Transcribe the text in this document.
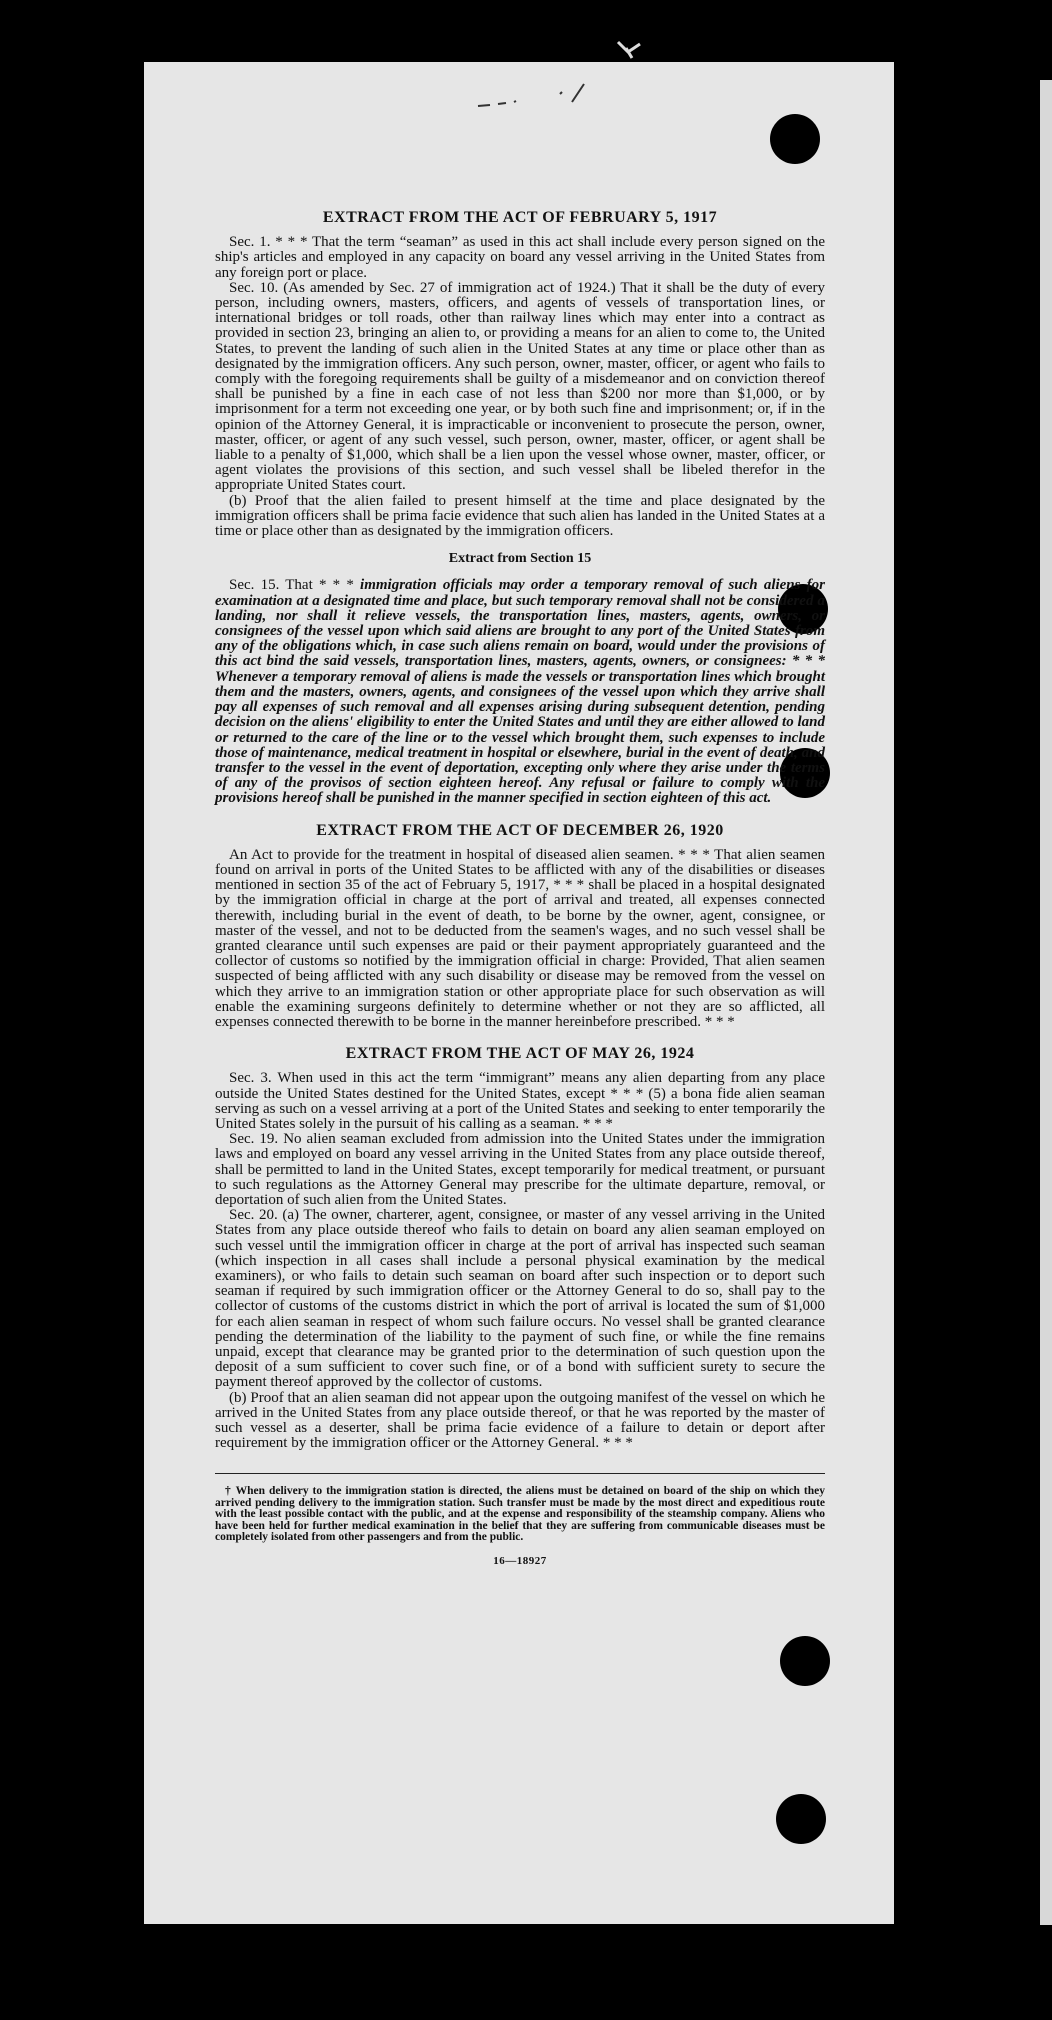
EXTRACT FROM THE ACT OF FEBRUARY 5, 1917

Sec. 1. * * * That the term “seaman” as used in this act shall include every person signed on the ship's articles and employed in any capacity on board any vessel arriving in the United States from any foreign port or place.

Sec. 10. (As amended by Sec. 27 of immigration act of 1924.) That it shall be the duty of every person, including owners, masters, officers, and agents of vessels of transportation lines, or international bridges or toll roads, other than railway lines which may enter into a contract as provided in section 23, bringing an alien to, or providing a means for an alien to come to, the United States, to prevent the landing of such alien in the United States at any time or place other than as designated by the immigration officers. Any such person, owner, master, officer, or agent who fails to comply with the foregoing requirements shall be guilty of a misdemeanor and on conviction thereof shall be punished by a fine in each case of not less than $200 nor more than $1,000, or by imprisonment for a term not exceeding one year, or by both such fine and imprisonment; or, if in the opinion of the Attorney General, it is impracticable or inconvenient to prosecute the person, owner, master, officer, or agent of any such vessel, such person, owner, master, officer, or agent shall be liable to a penalty of $1,000, which shall be a lien upon the vessel whose owner, master, officer, or agent violates the provisions of this section, and such vessel shall be libeled therefor in the appropriate United States court.

(b) Proof that the alien failed to present himself at the time and place designated by the immigration officers shall be prima facie evidence that such alien has landed in the United States at a time or place other than as designated by the immigration officers.

Extract from Section 15

Sec. 15. That * * * immigration officials may order a temporary removal of such aliens for examination at a designated time and place, but such temporary removal shall not be considered a landing, nor shall it relieve vessels, the transportation lines, masters, agents, owners, or consignees of the vessel upon which said aliens are brought to any port of the United States from any of the obligations which, in case such aliens remain on board, would under the provisions of this act bind the said vessels, transportation lines, masters, agents, owners, or consignees: * * * Whenever a temporary removal of aliens is made the vessels or transportation lines which brought them and the masters, owners, agents, and consignees of the vessel upon which they arrive shall pay all expenses of such removal and all expenses arising during subsequent detention, pending decision on the aliens' eligibility to enter the United States and until they are either allowed to land or returned to the care of the line or to the vessel which brought them, such expenses to include those of maintenance, medical treatment in hospital or elsewhere, burial in the event of death, and transfer to the vessel in the event of deportation, excepting only where they arise under the terms of any of the provisos of section eighteen hereof. Any refusal or failure to comply with the provisions hereof shall be punished in the manner specified in section eighteen of this act.

EXTRACT FROM THE ACT OF DECEMBER 26, 1920

An Act to provide for the treatment in hospital of diseased alien seamen. * * * That alien seamen found on arrival in ports of the United States to be afflicted with any of the disabilities or diseases mentioned in section 35 of the act of February 5, 1917, * * * shall be placed in a hospital designated by the immigration official in charge at the port of arrival and treated, all expenses connected therewith, including burial in the event of death, to be borne by the owner, agent, consignee, or master of the vessel, and not to be deducted from the seamen's wages, and no such vessel shall be granted clearance until such expenses are paid or their payment appropriately guaranteed and the collector of customs so notified by the immigration official in charge: Provided, That alien seamen suspected of being afflicted with any such disability or disease may be removed from the vessel on which they arrive to an immigration station or other appropriate place for such observation as will enable the examining surgeons definitely to determine whether or not they are so afflicted, all expenses connected therewith to be borne in the manner hereinbefore prescribed. * * *

EXTRACT FROM THE ACT OF MAY 26, 1924

Sec. 3. When used in this act the term “immigrant” means any alien departing from any place outside the United States destined for the United States, except * * * (5) a bona fide alien seaman serving as such on a vessel arriving at a port of the United States and seeking to enter temporarily the United States solely in the pursuit of his calling as a seaman. * * *

Sec. 19. No alien seaman excluded from admission into the United States under the immigration laws and employed on board any vessel arriving in the United States from any place outside thereof, shall be permitted to land in the United States, except temporarily for medical treatment, or pursuant to such regulations as the Attorney General may prescribe for the ultimate departure, removal, or deportation of such alien from the United States.

Sec. 20. (a) The owner, charterer, agent, consignee, or master of any vessel arriving in the United States from any place outside thereof who fails to detain on board any alien seaman employed on such vessel until the immigration officer in charge at the port of arrival has inspected such seaman (which inspection in all cases shall include a personal physical examination by the medical examiners), or who fails to detain such seaman on board after such inspection or to deport such seaman if required by such immigration officer or the Attorney General to do so, shall pay to the collector of customs of the customs district in which the port of arrival is located the sum of $1,000 for each alien seaman in respect of whom such failure occurs. No vessel shall be granted clearance pending the determination of the liability to the payment of such fine, or while the fine remains unpaid, except that clearance may be granted prior to the determination of such question upon the deposit of a sum sufficient to cover such fine, or of a bond with sufficient surety to secure the payment thereof approved by the collector of customs.

(b) Proof that an alien seaman did not appear upon the outgoing manifest of the vessel on which he arrived in the United States from any place outside thereof, or that he was reported by the master of such vessel as a deserter, shall be prima facie evidence of a failure to detain or deport after requirement by the immigration officer or the Attorney General. * * *

† When delivery to the immigration station is directed, the aliens must be detained on board of the ship on which they arrived pending delivery to the immigration station. Such transfer must be made by the most direct and expeditious route with the least possible contact with the public, and at the expense and responsibility of the steamship company. Aliens who have been held for further medical examination in the belief that they are suffering from communicable diseases must be completely isolated from other passengers and from the public.

16—18927
